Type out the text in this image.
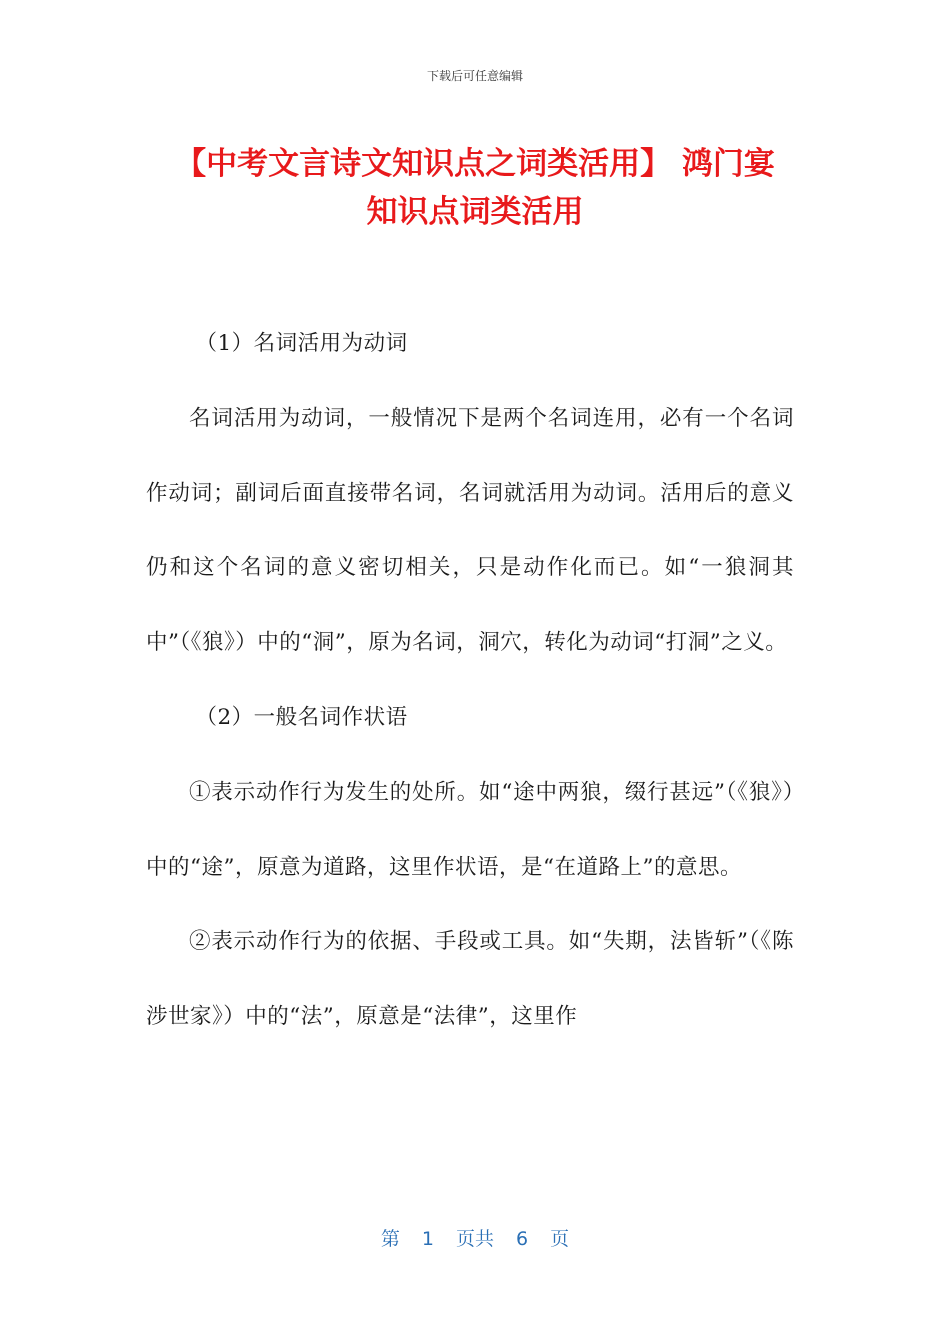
下载后可任意编辑
【中考文言诗文知识点之词类活用】 鸿门宴
知识点词类活用

（1）名词活用为动词

名词活用为动词，一般情况下是两个名词连用，必有一个名词作动词；副词后面直接带名词，名词就活用为动词。活用后的意义仍和这个名词的意义密切相关，只是动作化而已。如“一狼洞其中”（《狼》）中的“洞”，原为名词，洞穴，转化为动词“打洞”之义。

（2）一般名词作状语

①表示动作行为发生的处所。如“途中两狼，缀行甚远”（《狼》）中的“途”，原意为道路，这里作状语，是“在道路上”的意思。

②表示动作行为的依据、手段或工具。如“失期，法皆斩”（《陈涉世家》）中的“法”，原意是“法律”，这里作

第 1 页共 6 页
